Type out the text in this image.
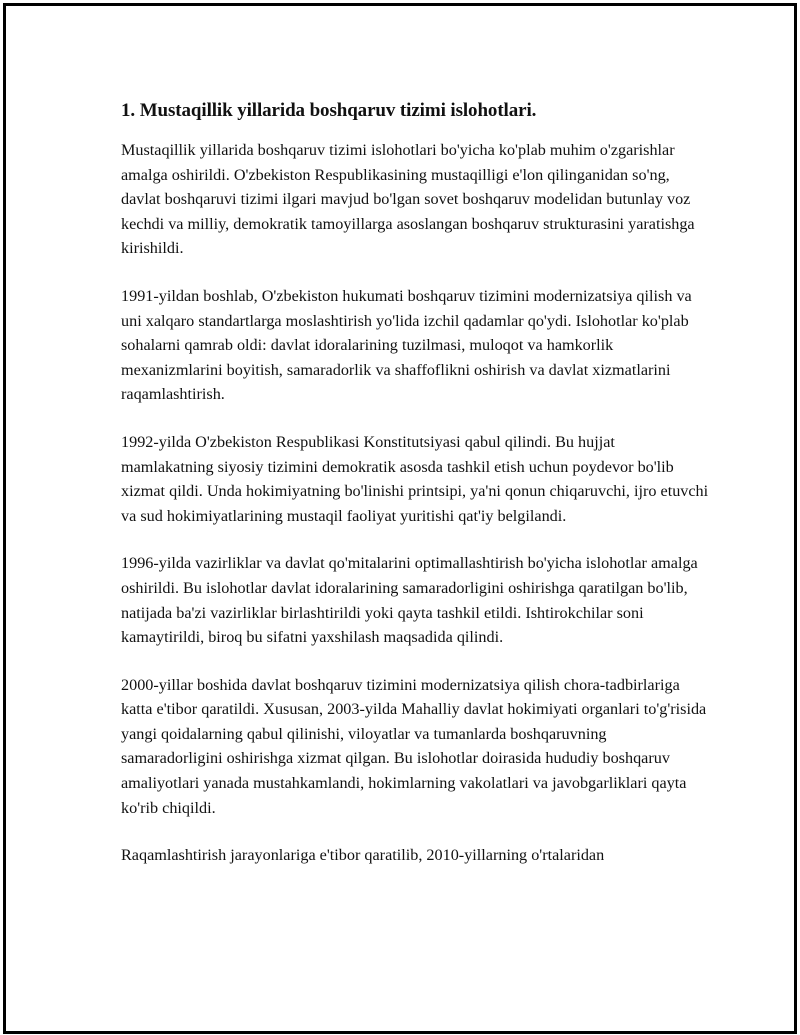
1. Mustaqillik yillarida boshqaruv tizimi islohotlari.

Mustaqillik yillarida boshqaruv tizimi islohotlari bo'yicha ko'plab muhim o'zgarishlar amalga oshirildi. O'zbekiston Respublikasining mustaqilligi e'lon qilinganidan so'ng, davlat boshqaruvi tizimi ilgari mavjud bo'lgan sovet boshqaruv modelidan butunlay voz kechdi va milliy, demokratik tamoyillarga asoslangan boshqaruv strukturasini yaratishga kirishildi.

1991-yildan boshlab, O'zbekiston hukumati boshqaruv tizimini modernizatsiya qilish va uni xalqaro standartlarga moslashtirish yo'lida izchil qadamlar qo'ydi. Islohotlar ko'plab sohalarni qamrab oldi: davlat idoralarining tuzilmasi, muloqot va hamkorlik mexanizmlarini boyitish, samaradorlik va shaffoflikni oshirish va davlat xizmatlarini raqamlashtirish.

1992-yilda O'zbekiston Respublikasi Konstitutsiyasi qabul qilindi. Bu hujjat mamlakatning siyosiy tizimini demokratik asosda tashkil etish uchun poydevor bo'lib xizmat qildi. Unda hokimiyatning bo'linishi printsipi, ya'ni qonun chiqaruvchi, ijro etuvchi va sud hokimiyatlarining mustaqil faoliyat yuritishi qat'iy belgilandi.

1996-yilda vazirliklar va davlat qo'mitalarini optimallashtirish bo'yicha islohotlar amalga oshirildi. Bu islohotlar davlat idoralarining samaradorligini oshirishga qaratilgan bo'lib, natijada ba'zi vazirliklar birlashtirildi yoki qayta tashkil etildi. Ishtirokchilar soni kamaytirildi, biroq bu sifatni yaxshilash maqsadida qilindi.

2000-yillar boshida davlat boshqaruv tizimini modernizatsiya qilish chora-tadbirlariga katta e'tibor qaratildi. Xususan, 2003-yilda Mahalliy davlat hokimiyati organlari to'g'risida yangi qoidalarning qabul qilinishi, viloyatlar va tumanlarda boshqaruvning samaradorligini oshirishga xizmat qilgan. Bu islohotlar doirasida hududiy boshqaruv amaliyotlari yanada mustahkamlandi, hokimlarning vakolatlari va javobgarliklari qayta ko'rib chiqildi.

Raqamlashtirish jarayonlariga e'tibor qaratilib, 2010-yillarning o'rtalaridan
